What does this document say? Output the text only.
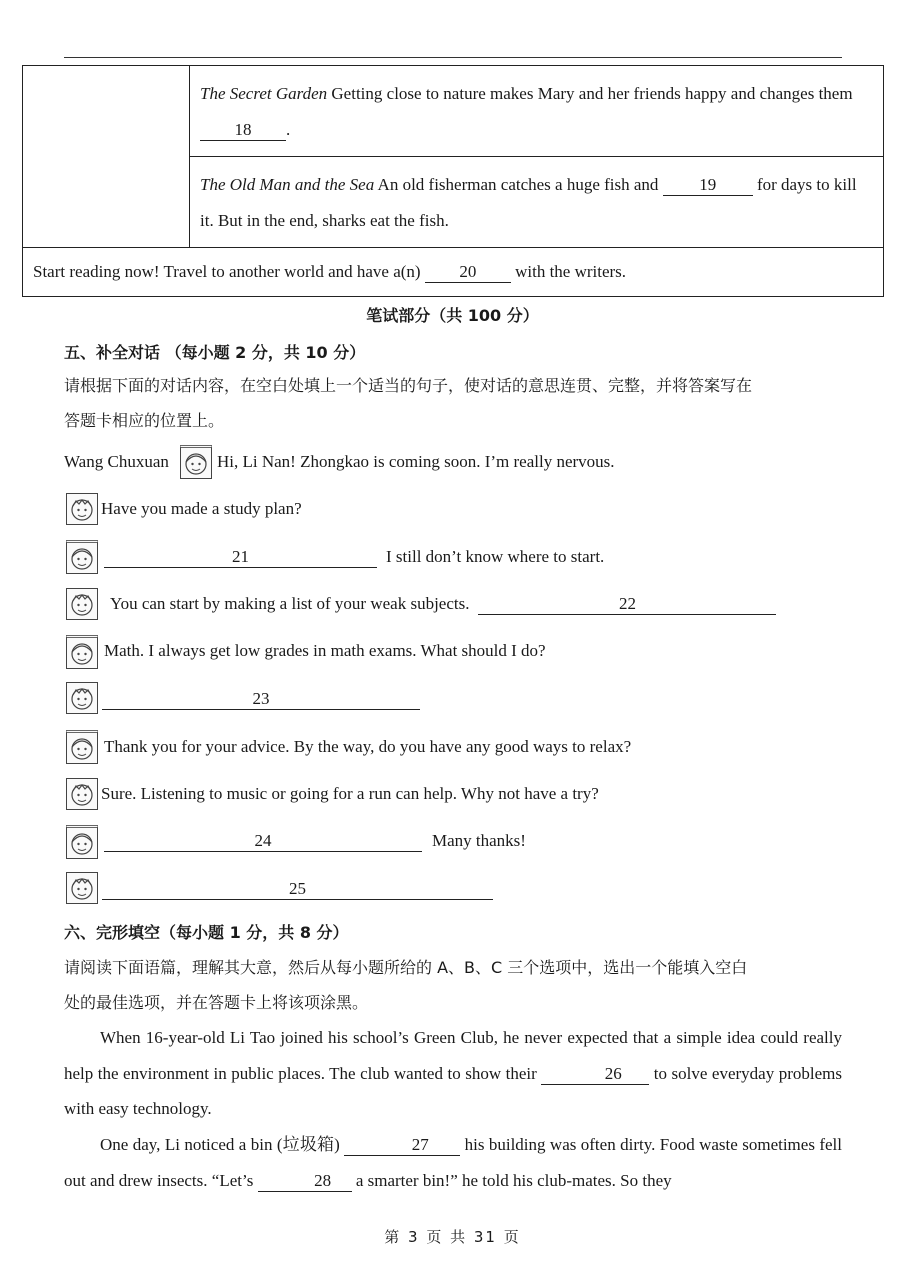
	The Secret Garden Getting close to nature makes Mary and her friends happy and changes them 18 .
The Old Man and the Sea An old fisherman catches a huge fish and 19 for days to kill it. But in the end, sharks eat the fish.
Start reading now! Travel to another world and have a(n) 20 with the writers.
笔试部分（共 100 分）
五、补全对话 （每小题 2 分，共 10 分）
请根据下面的对话内容，在空白处填上一个适当的句子，使对话的意思连贯、完整，并将答案写在
答题卡相应的位置上。
Wang Chuxuan	Hi, Li Nan! Zhongkao is coming soon. I’m really nervous.
Have you made a study plan?
21	I still don’t know where to start.
You can start by making a list of your weak subjects.	22
Math. I always get low grades in math exams. What should I do?
23
Thank you for your advice. By the way, do you have any good ways to relax?
Sure. Listening to music or going for a run can help. Why not have a try?
24	Many thanks!
25
六、完形填空（每小题 1 分，共 8 分）
请阅读下面语篇，理解其大意，然后从每小题所给的 A、B、C 三个选项中，选出一个能填入空白
处的最佳选项，并在答题卡上将该项涂黑。
When 16-year-old Li Tao joined his school’s Green Club, he never expected that a simple idea could really help the environment in public places. The club wanted to show their	26 to solve everyday problems with easy technology.
One day, Li noticed a bin (垃圾箱)	27 his building was often dirty. Food waste sometimes fell out and drew insects. “Let’s	28 a smarter bin!” he told his club-mates. So they
第 3 页 共 31 页
